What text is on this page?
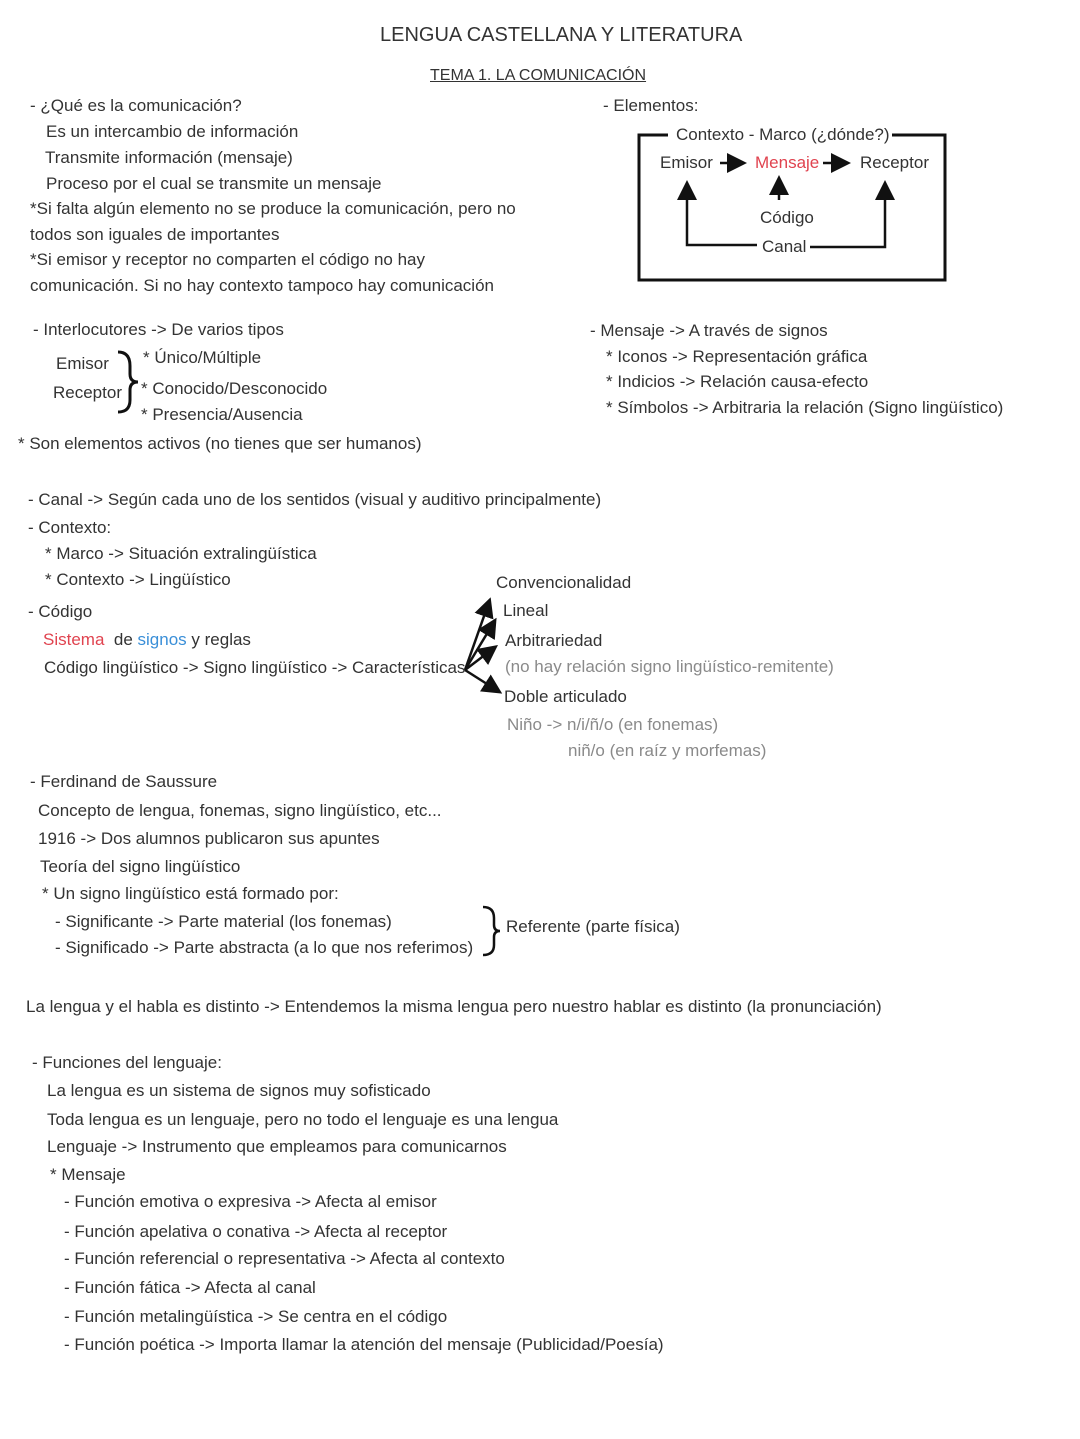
LENGUA CASTELLANA Y LITERATURA
TEMA 1. LA COMUNICACIÓN
- ¿Qué es la comunicación?
Es un intercambio de información
Transmite información (mensaje)
Proceso por el cual se transmite un mensaje
*Si falta algún elemento no se produce la comunicación, pero no
todos son iguales de importantes
*Si emisor y receptor no comparten el código no hay
comunicación. Si no hay contexto tampoco hay comunicación
- Elementos:
Contexto - Marco (¿dónde?)
Emisor Mensaje Receptor
Código
Canal
- Interlocutores -> De varios tipos
Emisor
Receptor
* Único/Múltiple
* Conocido/Desconocido
* Presencia/Ausencia
* Son elementos activos (no tienes que ser humanos)
- Mensaje -> A través de signos
* Iconos -> Representación gráfica
* Indicios -> Relación causa-efecto
* Símbolos -> Arbitraria la relación (Signo lingüístico)
- Canal -> Según cada uno de los sentidos (visual y auditivo principalmente)
- Contexto:
* Marco -> Situación extralingüística
* Contexto -> Lingüístico
- Código
Sistema de signos y reglas
Código lingüístico -> Signo lingüístico -> Características
Convencionalidad
Lineal
Arbitrariedad
(no hay relación signo lingüístico-remitente)
Doble articulado
Niño -> n/i/ñ/o (en fonemas)
niñ/o (en raíz y morfemas)
- Ferdinand de Saussure
Concepto de lengua, fonemas, signo lingüístico, etc...
1916 -> Dos alumnos publicaron sus apuntes
Teoría del signo lingüístico
* Un signo lingüístico está formado por:
- Significante -> Parte material (los fonemas)
- Significado -> Parte abstracta (a lo que nos referimos)
Referente (parte física)
La lengua y el habla es distinto -> Entendemos la misma lengua pero nuestro hablar es distinto (la pronunciación)
- Funciones del lenguaje:
La lengua es un sistema de signos muy sofisticado
Toda lengua es un lenguaje, pero no todo el lenguaje es una lengua
Lenguaje -> Instrumento que empleamos para comunicarnos
* Mensaje
- Función emotiva o expresiva -> Afecta al emisor
- Función apelativa o conativa -> Afecta al receptor
- Función referencial o representativa -> Afecta al contexto
- Función fática -> Afecta al canal
- Función metalingüística -> Se centra en el código
- Función poética -> Importa llamar la atención del mensaje (Publicidad/Poesía)
